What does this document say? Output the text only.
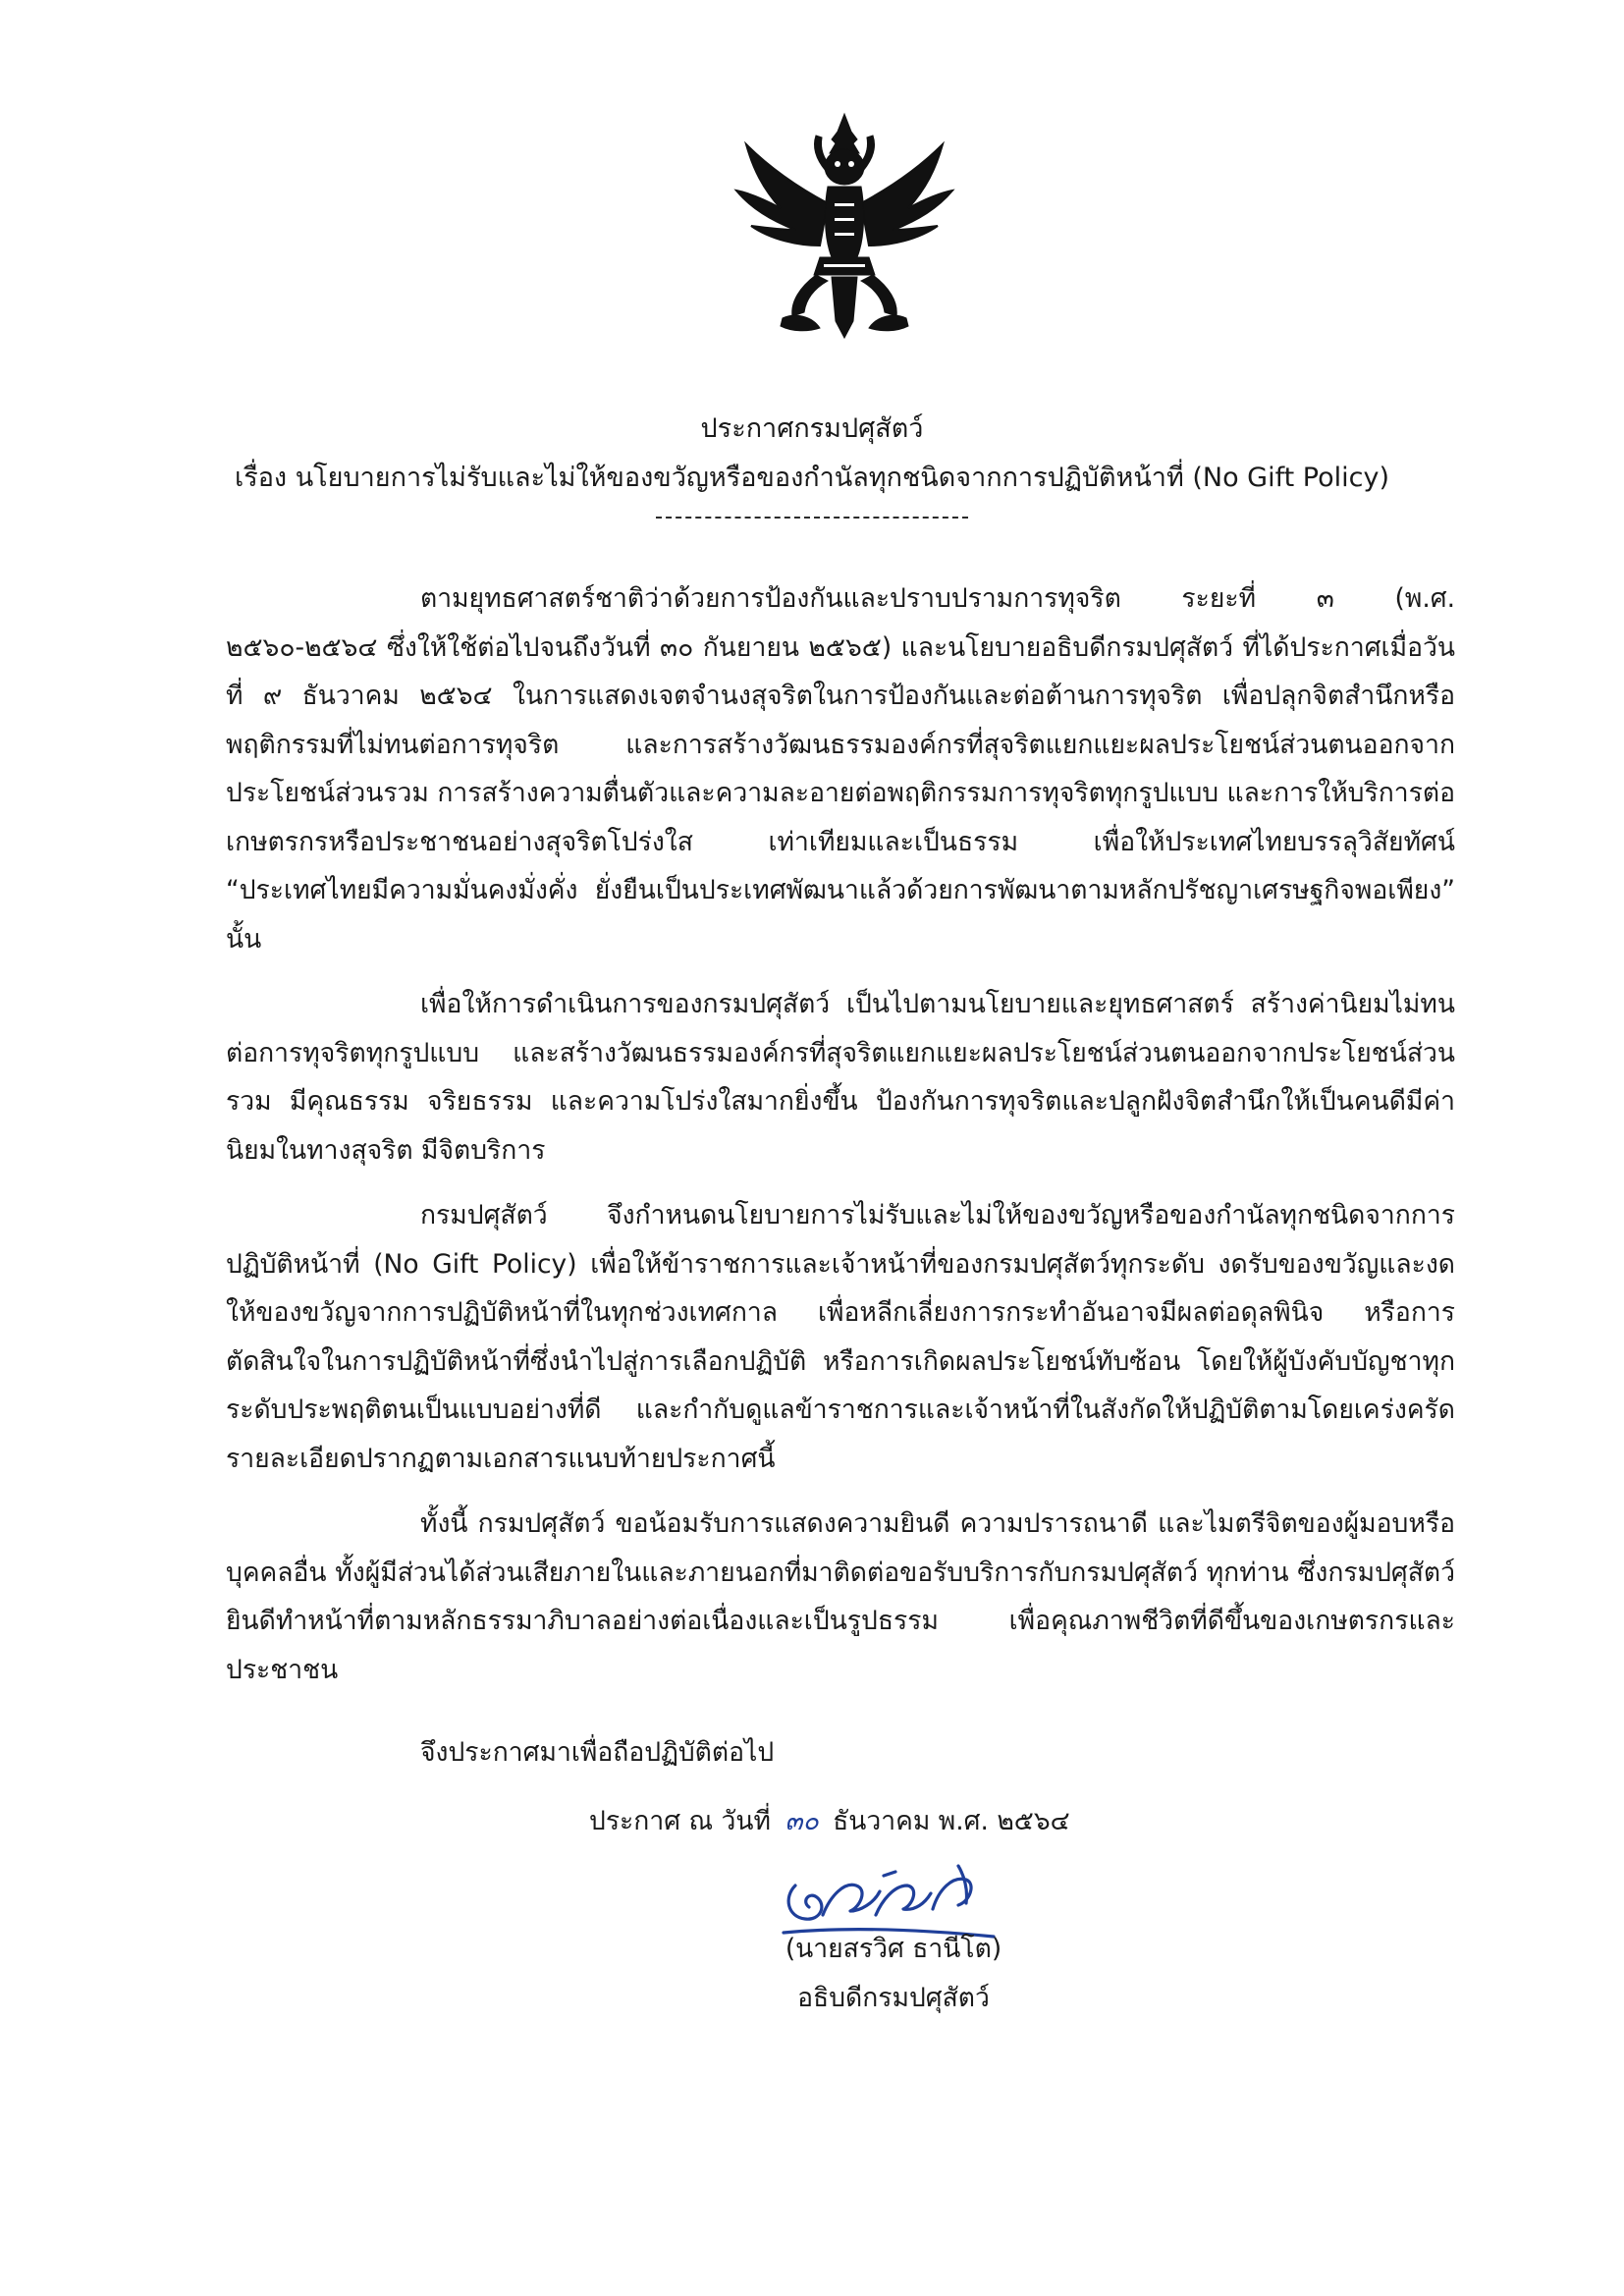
ประกาศกรมปศุสัตว์
เรื่อง นโยบายการไม่รับและไม่ให้ของขวัญหรือของกำนัลทุกชนิดจากการปฏิบัติหน้าที่ (No Gift Policy)

ตามยุทธศาสตร์ชาติว่าด้วยการป้องกันและปราบปรามการทุจริต ระยะที่ ๓ (พ.ศ. ๒๕๖๐-๒๕๖๔ ซึ่งให้ใช้ต่อไปจนถึงวันที่ ๓๐ กันยายน ๒๕๖๕) และนโยบายอธิบดีกรมปศุสัตว์ ที่ได้ประกาศเมื่อวันที่ ๙ ธันวาคม ๒๕๖๔ ในการแสดงเจตจำนงสุจริตในการป้องกันและต่อต้านการทุจริต เพื่อปลุกจิตสำนึกหรือพฤติกรรมที่ไม่ทนต่อการทุจริต และการสร้างวัฒนธรรมองค์กรที่สุจริตแยกแยะผลประโยชน์ส่วนตนออกจากประโยชน์ส่วนรวม การสร้างความตื่นตัวและความละอายต่อพฤติกรรมการทุจริตทุกรูปแบบ และการให้บริการต่อเกษตรกรหรือประชาชนอย่างสุจริตโปร่งใส เท่าเทียมและเป็นธรรม เพื่อให้ประเทศไทยบรรลุวิสัยทัศน์ “ประเทศไทยมีความมั่นคงมั่งคั่ง ยั่งยืนเป็นประเทศพัฒนาแล้วด้วยการพัฒนาตามหลักปรัชญาเศรษฐกิจพอเพียง” นั้น

เพื่อให้การดำเนินการของกรมปศุสัตว์ เป็นไปตามนโยบายและยุทธศาสตร์ สร้างค่านิยมไม่ทนต่อการทุจริตทุกรูปแบบ และสร้างวัฒนธรรมองค์กรที่สุจริตแยกแยะผลประโยชน์ส่วนตนออกจากประโยชน์ส่วนรวม มีคุณธรรม จริยธรรม และความโปร่งใสมากยิ่งขึ้น ป้องกันการทุจริตและปลูกฝังจิตสำนึกให้เป็นคนดีมีค่านิยมในทางสุจริต มีจิตบริการ

กรมปศุสัตว์ จึงกำหนดนโยบายการไม่รับและไม่ให้ของขวัญหรือของกำนัลทุกชนิดจากการปฏิบัติหน้าที่ (No Gift Policy) เพื่อให้ข้าราชการและเจ้าหน้าที่ของกรมปศุสัตว์ทุกระดับ งดรับของขวัญและงดให้ของขวัญจากการปฏิบัติหน้าที่ในทุกช่วงเทศกาล เพื่อหลีกเลี่ยงการกระทำอันอาจมีผลต่อดุลพินิจ หรือการตัดสินใจในการปฏิบัติหน้าที่ซึ่งนำไปสู่การเลือกปฏิบัติ หรือการเกิดผลประโยชน์ทับซ้อน โดยให้ผู้บังคับบัญชาทุกระดับประพฤติตนเป็นแบบอย่างที่ดี และกำกับดูแลข้าราชการและเจ้าหน้าที่ในสังกัดให้ปฏิบัติตามโดยเคร่งครัด รายละเอียดปรากฏตามเอกสารแนบท้ายประกาศนี้

ทั้งนี้ กรมปศุสัตว์ ขอน้อมรับการแสดงความยินดี ความปรารถนาดี และไมตรีจิตของผู้มอบหรือบุคคลอื่น ทั้งผู้มีส่วนได้ส่วนเสียภายในและภายนอกที่มาติดต่อขอรับบริการกับกรมปศุสัตว์ ทุกท่าน ซึ่งกรมปศุสัตว์ ยินดีทำหน้าที่ตามหลักธรรมาภิบาลอย่างต่อเนื่องและเป็นรูปธรรม เพื่อคุณภาพชีวิตที่ดีขึ้นของเกษตรกรและประชาชน

จึงประกาศมาเพื่อถือปฏิบัติต่อไป
ประกาศ ณ วันที่ ๓๐ ธันวาคม พ.ศ. ๒๕๖๔
(นายสรวิศ ธานีโต)
อธิบดีกรมปศุสัตว์
